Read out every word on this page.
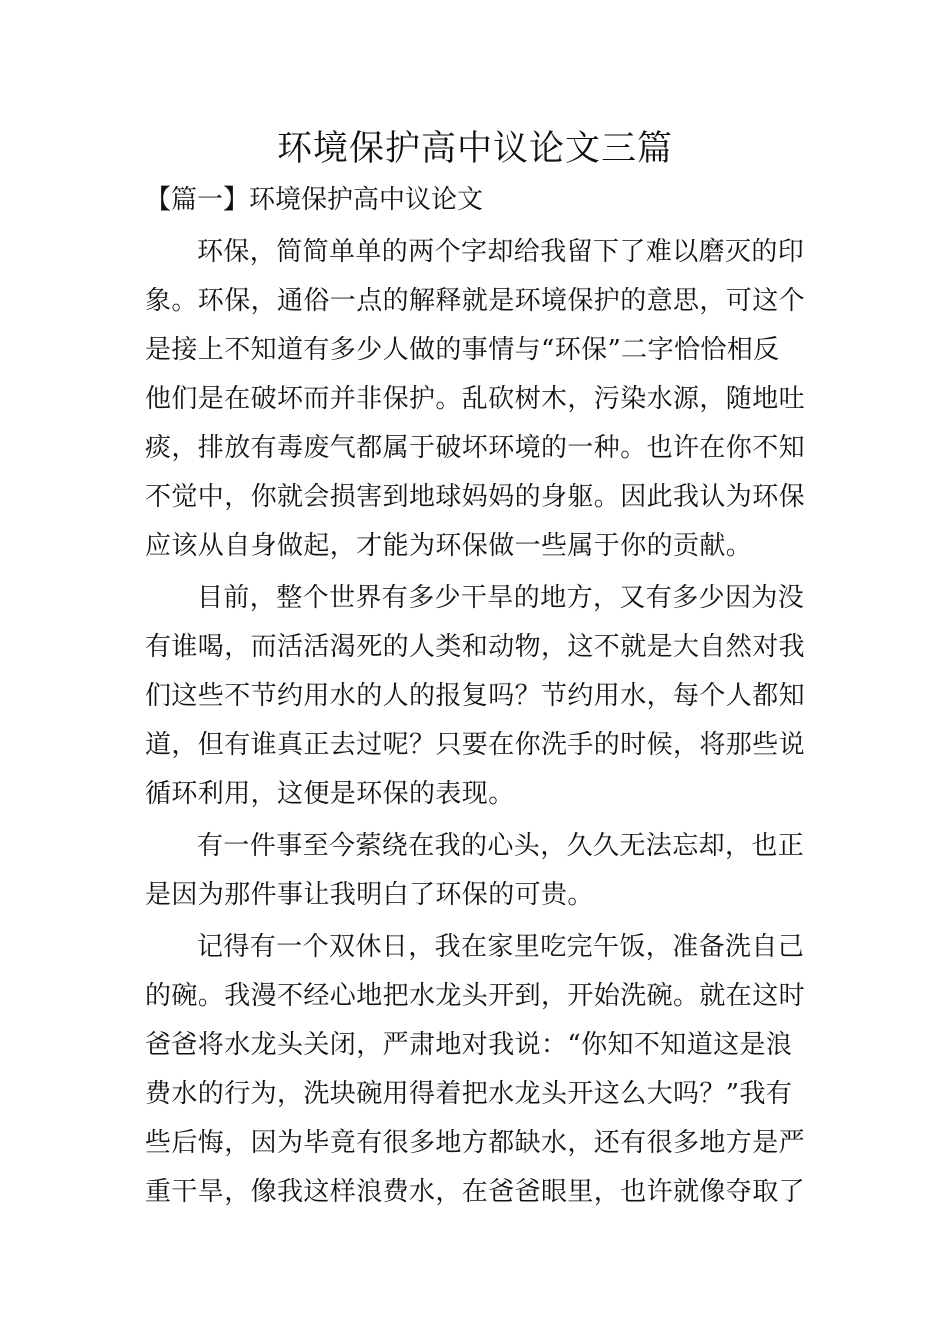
环境保护高中议论文三篇
【篇一】环境保护高中议论文

环保，简简单单的两个字却给我留下了难以磨灭的印
象。环保，通俗一点的解释就是环境保护的意思，可这个
是接上不知道有多少人做的事情与“环保”二字恰恰相反
他们是在破坏而并非保护。乱砍树木，污染水源，随地吐
痰，排放有毒废气都属于破坏环境的一种。也许在你不知
不觉中，你就会损害到地球妈妈的身躯。因此我认为环保
应该从自身做起，才能为环保做一些属于你的贡献。

目前，整个世界有多少干旱的地方，又有多少因为没
有谁喝，而活活渴死的人类和动物，这不就是大自然对我
们这些不节约用水的人的报复吗？节约用水，每个人都知
道，但有谁真正去过呢？只要在你洗手的时候，将那些说
循环利用，这便是环保的表现。

有一件事至今萦绕在我的心头，久久无法忘却，也正
是因为那件事让我明白了环保的可贵。

记得有一个双休日，我在家里吃完午饭，准备洗自己
的碗。我漫不经心地把水龙头开到，开始洗碗。就在这时
爸爸将水龙头关闭，严肃地对我说：“你知不知道这是浪
费水的行为，洗块碗用得着把水龙头开这么大吗？”我有
些后悔，因为毕竟有很多地方都缺水，还有很多地方是严
重干旱，像我这样浪费水，在爸爸眼里，也许就像夺取了
